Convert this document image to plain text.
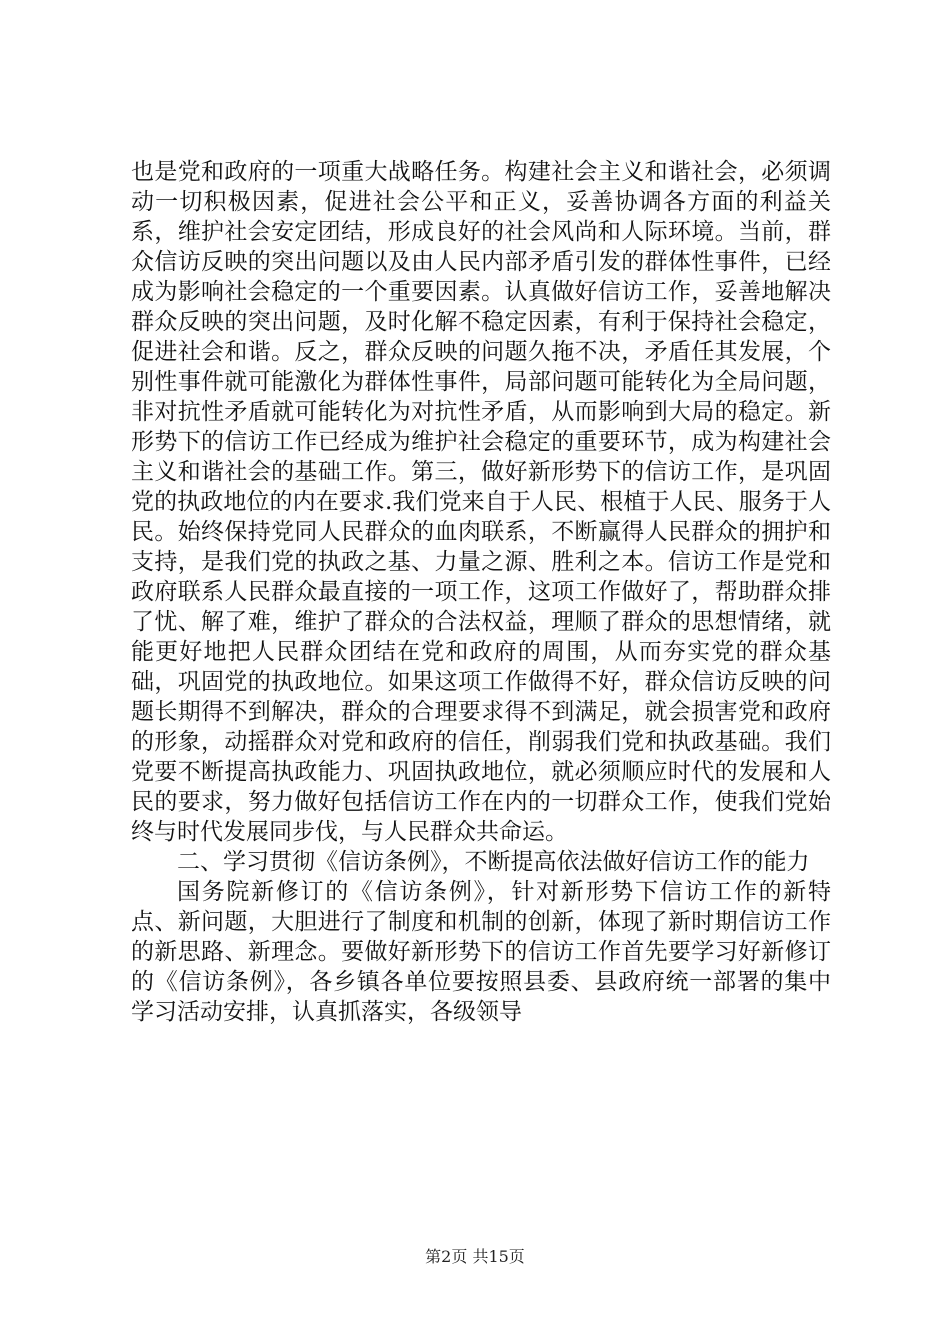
也是党和政府的一项重大战略任务。构建社会主义和谐社会，必须调动一切积极因素，促进社会公平和正义，妥善协调各方面的利益关系，维护社会安定团结，形成良好的社会风尚和人际环境。当前，群众信访反映的突出问题以及由人民内部矛盾引发的群体性事件，已经成为影响社会稳定的一个重要因素。认真做好信访工作，妥善地解决群众反映的突出问题，及时化解不稳定因素，有利于保持社会稳定，促进社会和谐。反之，群众反映的问题久拖不决，矛盾任其发展，个别性事件就可能激化为群体性事件，局部问题可能转化为全局问题，非对抗性矛盾就可能转化为对抗性矛盾，从而影响到大局的稳定。新形势下的信访工作已经成为维护社会稳定的重要环节，成为构建社会主义和谐社会的基础工作。第三，做好新形势下的信访工作，是巩固党的执政地位的内在要求.我们党来自于人民、根植于人民、服务于人民。始终保持党同人民群众的血肉联系，不断赢得人民群众的拥护和支持，是我们党的执政之基、力量之源、胜利之本。信访工作是党和政府联系人民群众最直接的一项工作，这项工作做好了，帮助群众排了忧、解了难，维护了群众的合法权益，理顺了群众的思想情绪，就能更好地把人民群众团结在党和政府的周围，从而夯实党的群众基础，巩固党的执政地位。如果这项工作做得不好，群众信访反映的问题长期得不到解决，群众的合理要求得不到满足，就会损害党和政府的形象，动摇群众对党和政府的信任，削弱我们党和执政基础。我们党要不断提高执政能力、巩固执政地位，就必须顺应时代的发展和人民的要求，努力做好包括信访工作在内的一切群众工作，使我们党始终与时代发展同步伐，与人民群众共命运。

二、学习贯彻《信访条例》，不断提高依法做好信访工作的能力

国务院新修订的《信访条例》，针对新形势下信访工作的新特点、新问题，大胆进行了制度和机制的创新，体现了新时期信访工作的新思路、新理念。要做好新形势下的信访工作首先要学习好新修订的《信访条例》，各乡镇各单位要按照县委、县政府统一部署的集中学习活动安排，认真抓落实，各级领导

第2页 共15页
